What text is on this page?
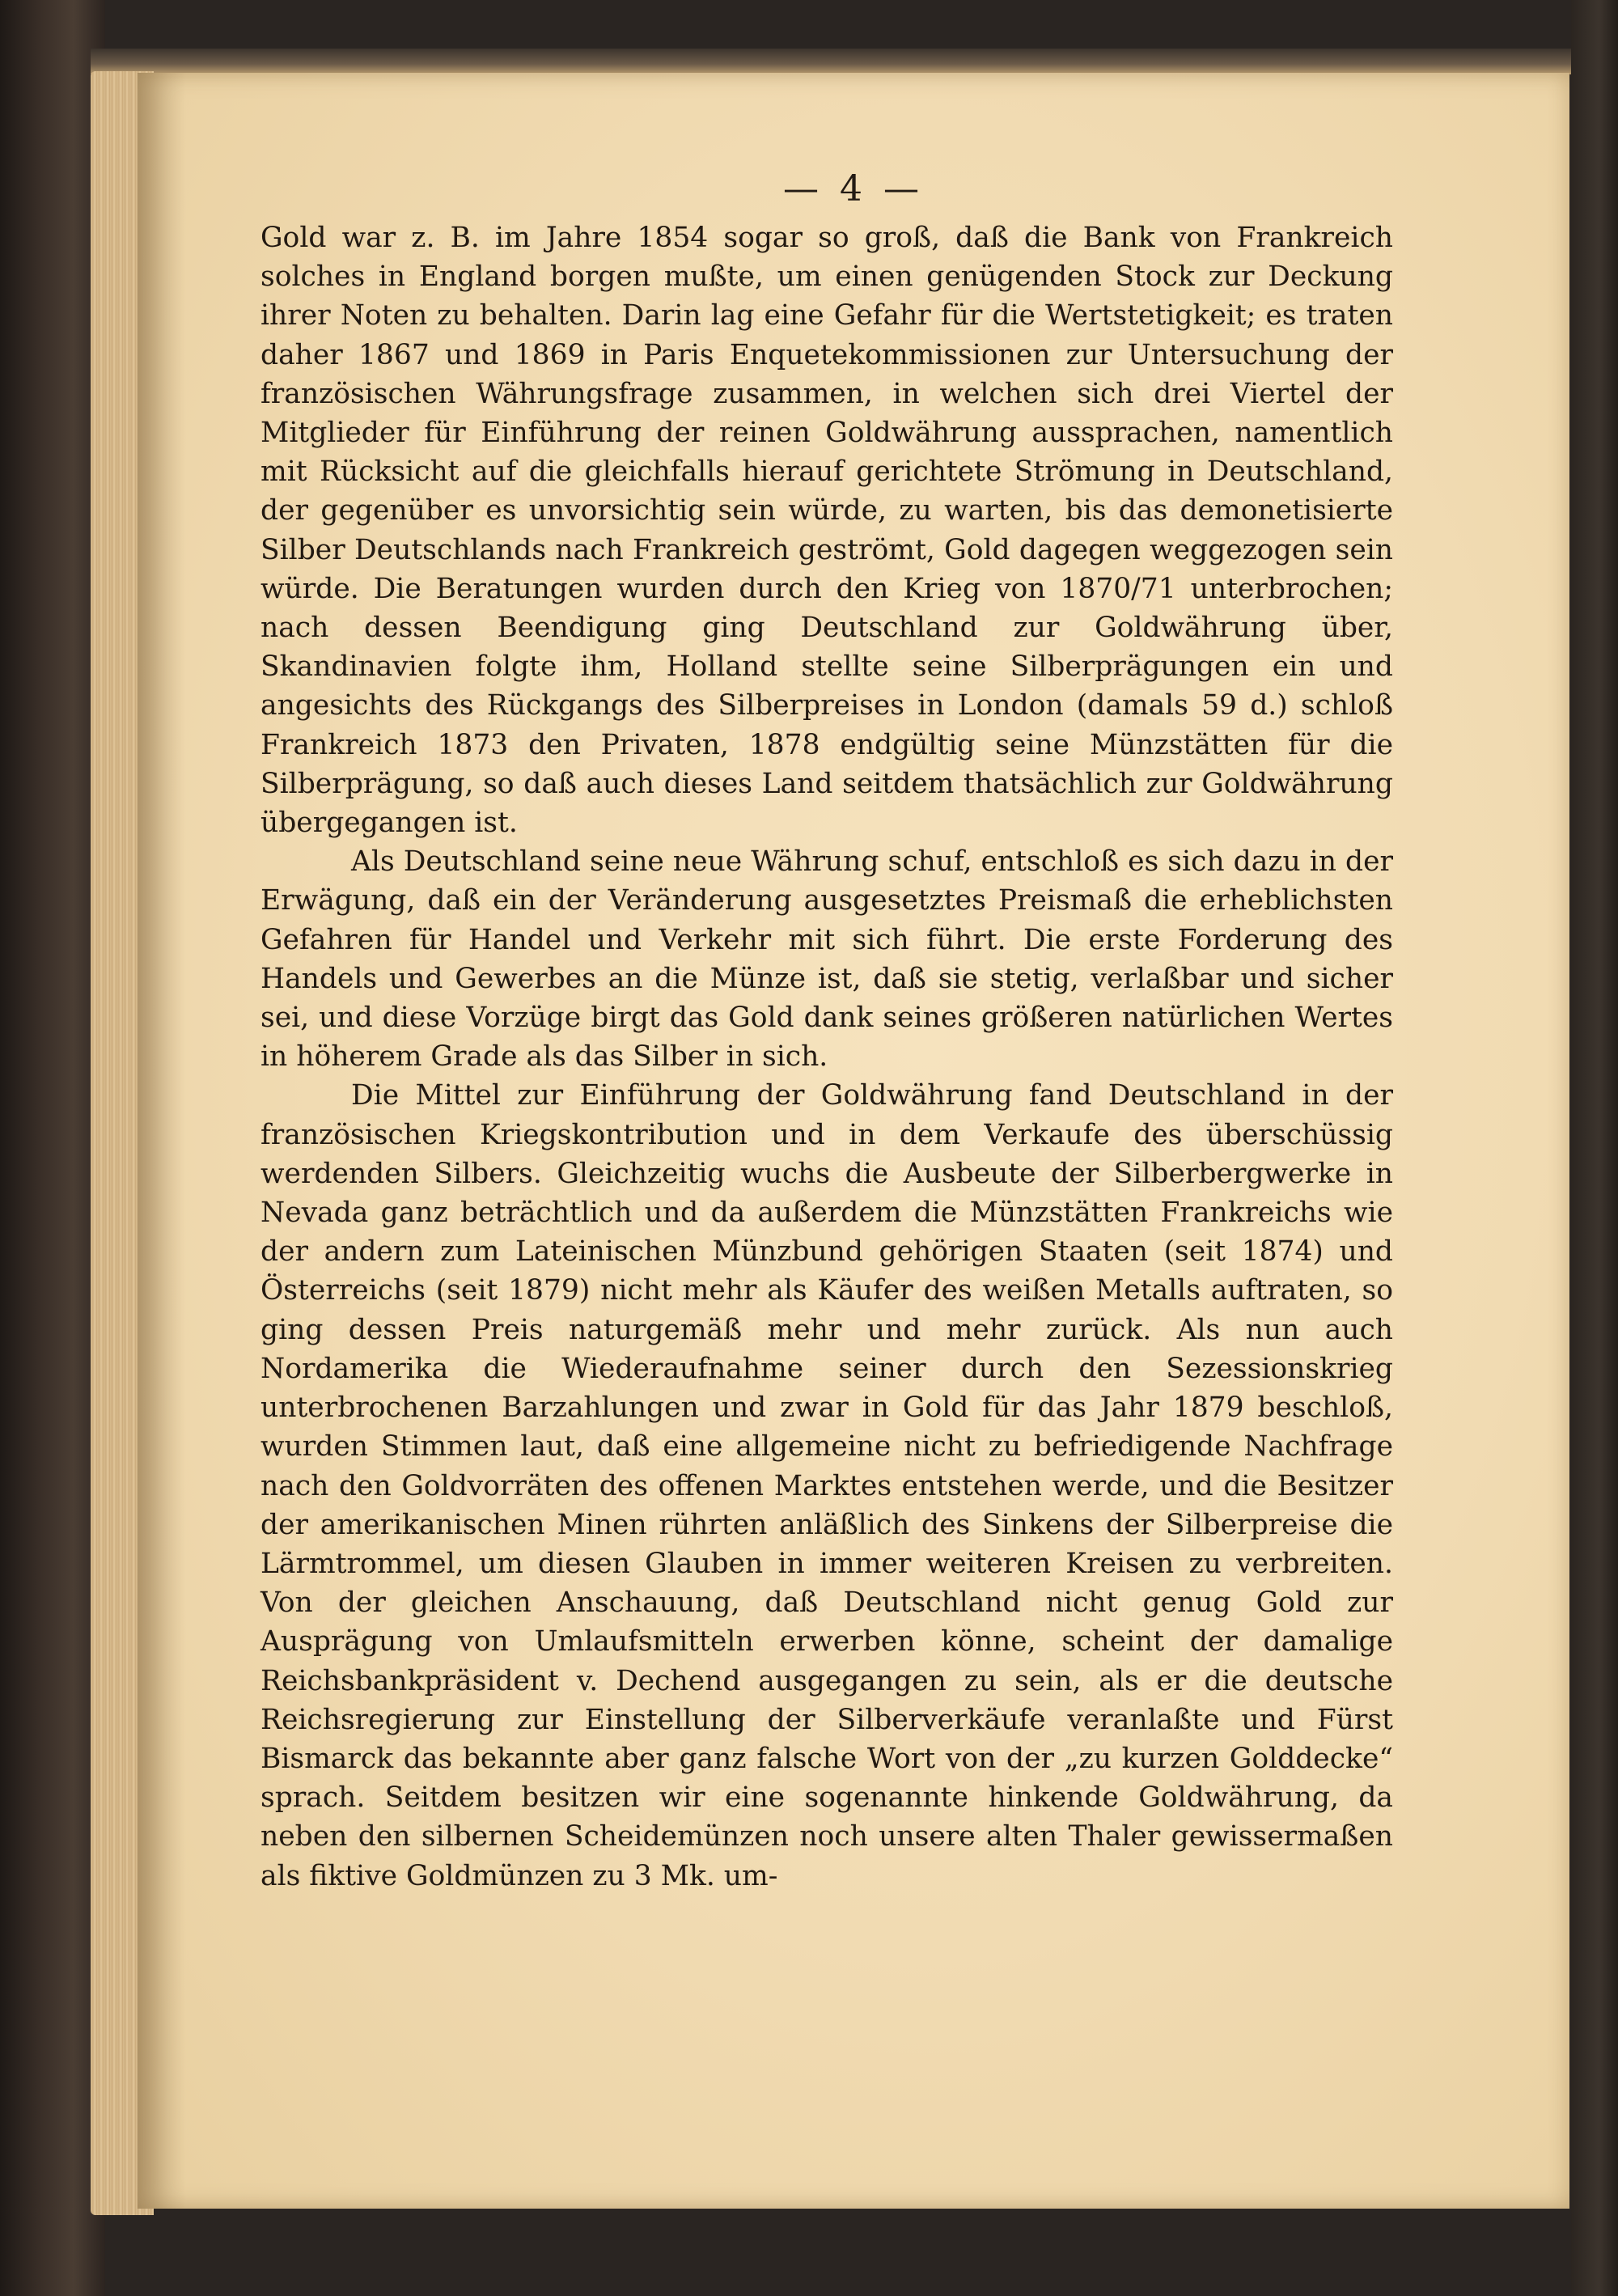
— 4 —

Gold war z. B. im Jahre 1854 sogar so groß, daß die Bank von Frankreich solches in England borgen mußte, um einen genügenden Stock zur Deckung ihrer Noten zu behalten. Darin lag eine Gefahr für die Wertstetigkeit; es traten daher 1867 und 1869 in Paris Enquetekommissionen zur Untersuchung der französischen Währungsfrage zusammen, in welchen sich drei Viertel der Mitglieder für Einführung der reinen Goldwährung aussprachen, namentlich mit Rücksicht auf die gleichfalls hierauf gerichtete Strömung in Deutschland, der gegenüber es unvorsichtig sein würde, zu warten, bis das demonetisierte Silber Deutschlands nach Frankreich geströmt, Gold dagegen weggezogen sein würde. Die Beratungen wurden durch den Krieg von 1870/71 unterbrochen; nach dessen Beendigung ging Deutschland zur Goldwährung über, Skandinavien folgte ihm, Holland stellte seine Silberprägungen ein und angesichts des Rückgangs des Silberpreises in London (damals 59 d.) schloß Frankreich 1873 den Privaten, 1878 endgültig seine Münzstätten für die Silberprägung, so daß auch dieses Land seitdem thatsächlich zur Goldwährung übergegangen ist.

Als Deutschland seine neue Währung schuf, entschloß es sich dazu in der Erwägung, daß ein der Veränderung ausgesetztes Preismaß die erheblichsten Gefahren für Handel und Verkehr mit sich führt. Die erste Forderung des Handels und Gewerbes an die Münze ist, daß sie stetig, verlaßbar und sicher sei, und diese Vorzüge birgt das Gold dank seines größeren natürlichen Wertes in höherem Grade als das Silber in sich.

Die Mittel zur Einführung der Goldwährung fand Deutschland in der französischen Kriegskontribution und in dem Verkaufe des überschüssig werdenden Silbers. Gleichzeitig wuchs die Ausbeute der Silberbergwerke in Nevada ganz beträchtlich und da außerdem die Münzstätten Frankreichs wie der andern zum Lateinischen Münzbund gehörigen Staaten (seit 1874) und Österreichs (seit 1879) nicht mehr als Käufer des weißen Metalls auftraten, so ging dessen Preis naturgemäß mehr und mehr zurück. Als nun auch Nordamerika die Wiederaufnahme seiner durch den Sezessionskrieg unterbrochenen Barzahlungen und zwar in Gold für das Jahr 1879 beschloß, wurden Stimmen laut, daß eine allgemeine nicht zu befriedigende Nachfrage nach den Goldvorräten des offenen Marktes entstehen werde, und die Besitzer der amerikanischen Minen rührten anläßlich des Sinkens der Silberpreise die Lärmtrommel, um diesen Glauben in immer weiteren Kreisen zu verbreiten. Von der gleichen Anschauung, daß Deutschland nicht genug Gold zur Ausprägung von Umlaufsmitteln erwerben könne, scheint der damalige Reichsbankpräsident v. Dechend ausgegangen zu sein, als er die deutsche Reichsregierung zur Einstellung der Silberverkäufe veranlaßte und Fürst Bismarck das bekannte aber ganz falsche Wort von der „zu kurzen Golddecke“ sprach. Seitdem besitzen wir eine sogenannte hinkende Goldwährung, da neben den silbernen Scheidemünzen noch unsere alten Thaler gewissermaßen als fiktive Goldmünzen zu 3 Mk. um-
